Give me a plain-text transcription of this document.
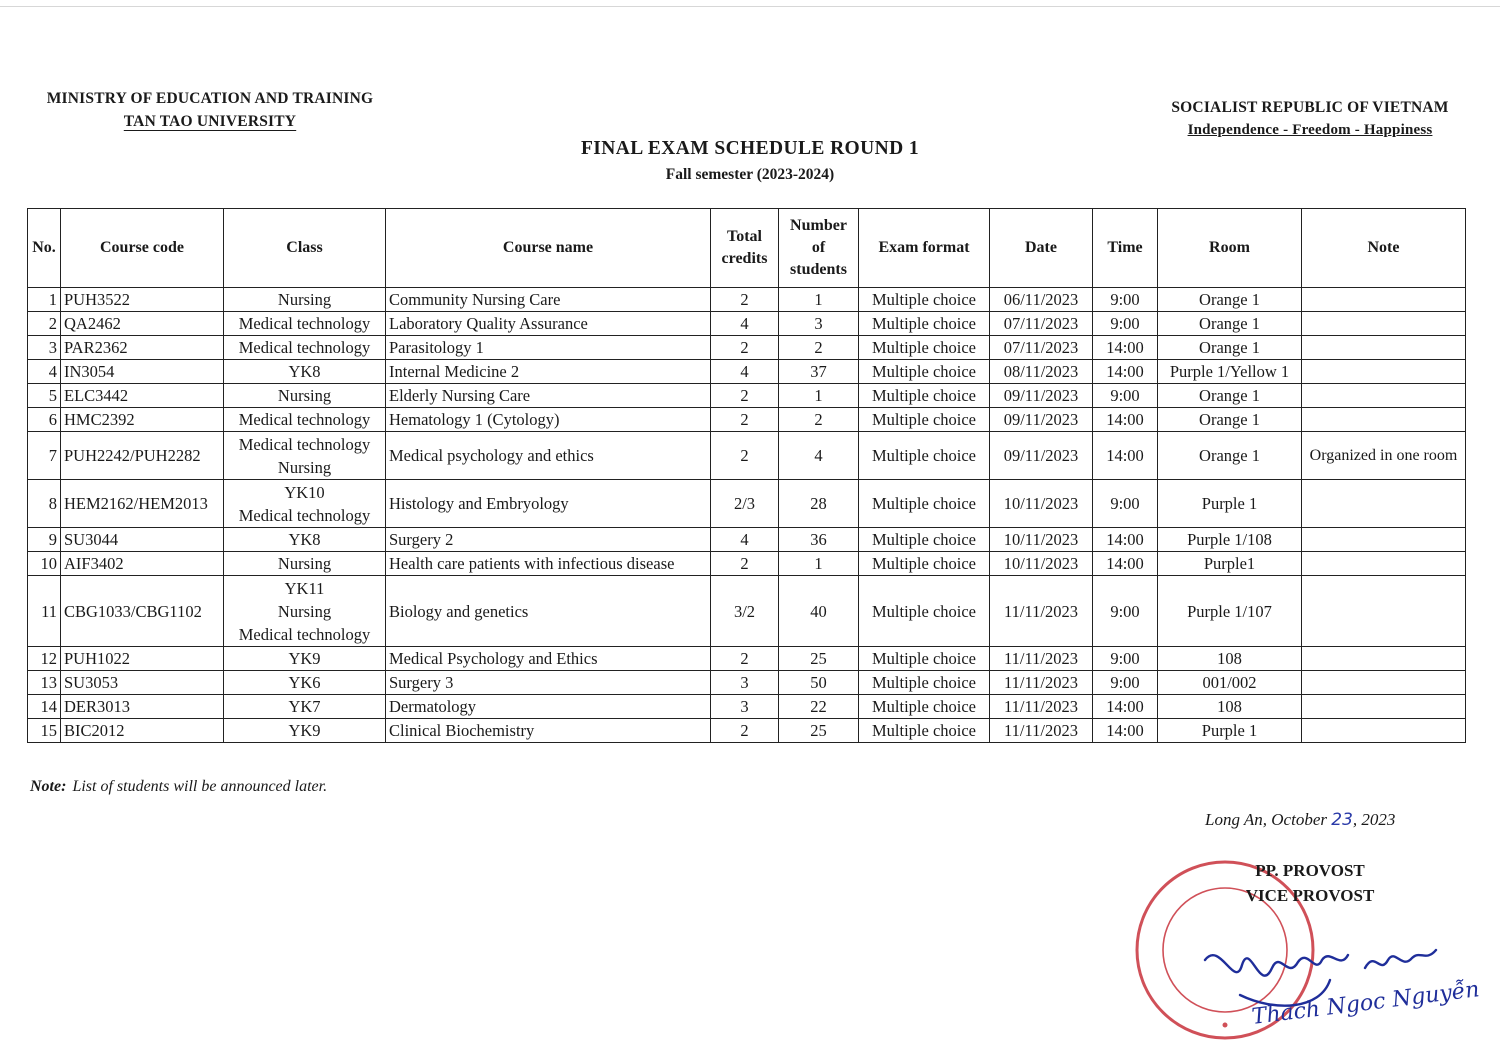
MINISTRY OF EDUCATION AND TRAINING
TAN TAO UNIVERSITY
SOCIALIST REPUBLIC OF VIETNAM
Independence - Freedom - Happiness
FINAL EXAM SCHEDULE ROUND 1
Fall semester (2023-2024)
No.	Course code	Class	Course name	Total credits	Number of students	Exam format	Date	Time	Room	Note
1	PUH3522	Nursing	Community Nursing Care	2	1	Multiple choice	06/11/2023	9:00	Orange 1	
2	QA2462	Medical technology	Laboratory Quality Assurance	4	3	Multiple choice	07/11/2023	9:00	Orange 1	
3	PAR2362	Medical technology	Parasitology 1	2	2	Multiple choice	07/11/2023	14:00	Orange 1	
4	IN3054	YK8	Internal Medicine 2	4	37	Multiple choice	08/11/2023	14:00	Purple 1/Yellow 1	
5	ELC3442	Nursing	Elderly Nursing Care	2	1	Multiple choice	09/11/2023	9:00	Orange 1	
6	HMC2392	Medical technology	Hematology 1 (Cytology)	2	2	Multiple choice	09/11/2023	14:00	Orange 1	
7	PUH2242/PUH2282	Medical technology
Nursing	Medical psychology and ethics	2	4	Multiple choice	09/11/2023	14:00	Orange 1	Organized in one room
8	HEM2162/HEM2013	YK10
Medical technology	Histology and Embryology	2/3	28	Multiple choice	10/11/2023	9:00	Purple 1	
9	SU3044	YK8	Surgery 2	4	36	Multiple choice	10/11/2023	14:00	Purple 1/108	
10	AIF3402	Nursing	Health care patients with infectious disease	2	1	Multiple choice	10/11/2023	14:00	Purple1	
11	CBG1033/CBG1102	YK11
Nursing
Medical technology	Biology and genetics	3/2	40	Multiple choice	11/11/2023	9:00	Purple 1/107	
12	PUH1022	YK9	Medical Psychology and Ethics	2	25	Multiple choice	11/11/2023	9:00	108	
13	SU3053	YK6	Surgery 3	3	50	Multiple choice	11/11/2023	9:00	001/002	
14	DER3013	YK7	Dermatology	3	22	Multiple choice	11/11/2023	14:00	108	
15	BIC2012	YK9	Clinical Biochemistry	2	25	Multiple choice	11/11/2023	14:00	Purple 1	
Note: List of students will be announced later.
Long An, October 23, 2023
PP. PROVOST
VICE PROVOST
Thach Ngoc Nguyễn
